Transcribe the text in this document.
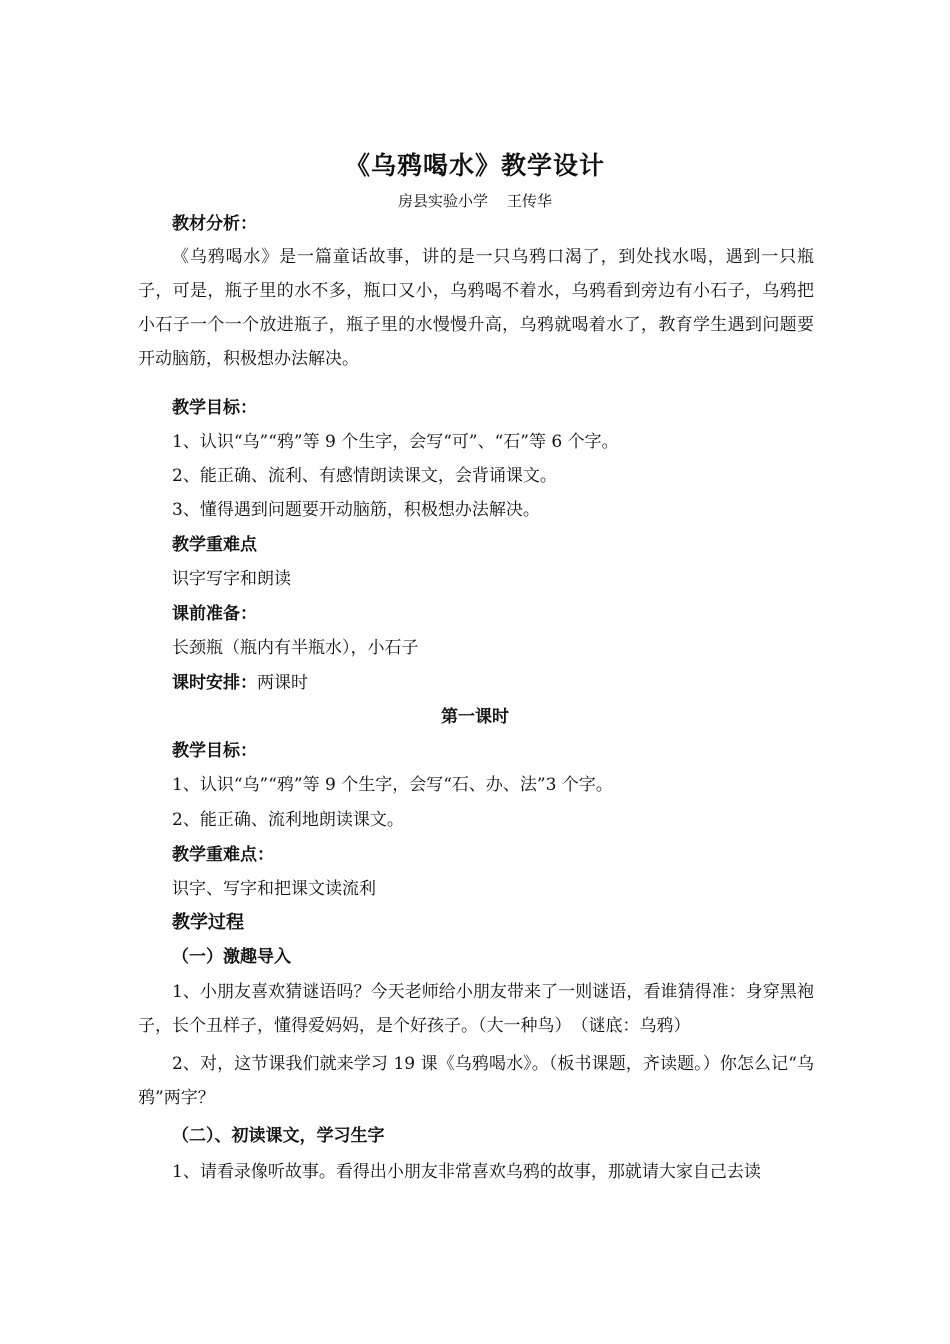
《乌鸦喝水》教学设计
房县实验小学    王传华
教材分析：
《乌鸦喝水》是一篇童话故事，讲的是一只乌鸦口渴了，到处找水喝，遇到一只瓶子，可是，瓶子里的水不多，瓶口又小，乌鸦喝不着水，乌鸦看到旁边有小石子，乌鸦把小石子一个一个放进瓶子，瓶子里的水慢慢升高，乌鸦就喝着水了，教育学生遇到问题要开动脑筋，积极想办法解决。
教学目标：
1、认识“乌”“鸦”等 9 个生字，会写“可”、“石”等 6 个字。
2、能正确、流利、有感情朗读课文，会背诵课文。
3、懂得遇到问题要开动脑筋，积极想办法解决。
教学重难点
识字写字和朗读
课前准备：
长颈瓶（瓶内有半瓶水），小石子
课时安排：两课时
第一课时
教学目标：
1、认识“乌”“鸦”等 9 个生字，会写“石、办、法”3 个字。
2、能正确、流利地朗读课文。
教学重难点：
识字、写字和把课文读流利
教学过程
（一）激趣导入
1、小朋友喜欢猜谜语吗？今天老师给小朋友带来了一则谜语，看谁猜得准：身穿黑袍子，长个丑样子，懂得爱妈妈，是个好孩子。（大一种鸟）　（谜底：乌鸦）
2、对，这节课我们就来学习 19 课《乌鸦喝水》。（板书课题，齐读题。）你怎么记“乌鸦”两字？
（二）、初读课文，学习生字
1、请看录像听故事。看得出小朋友非常喜欢乌鸦的故事，那就请大家自己去读
